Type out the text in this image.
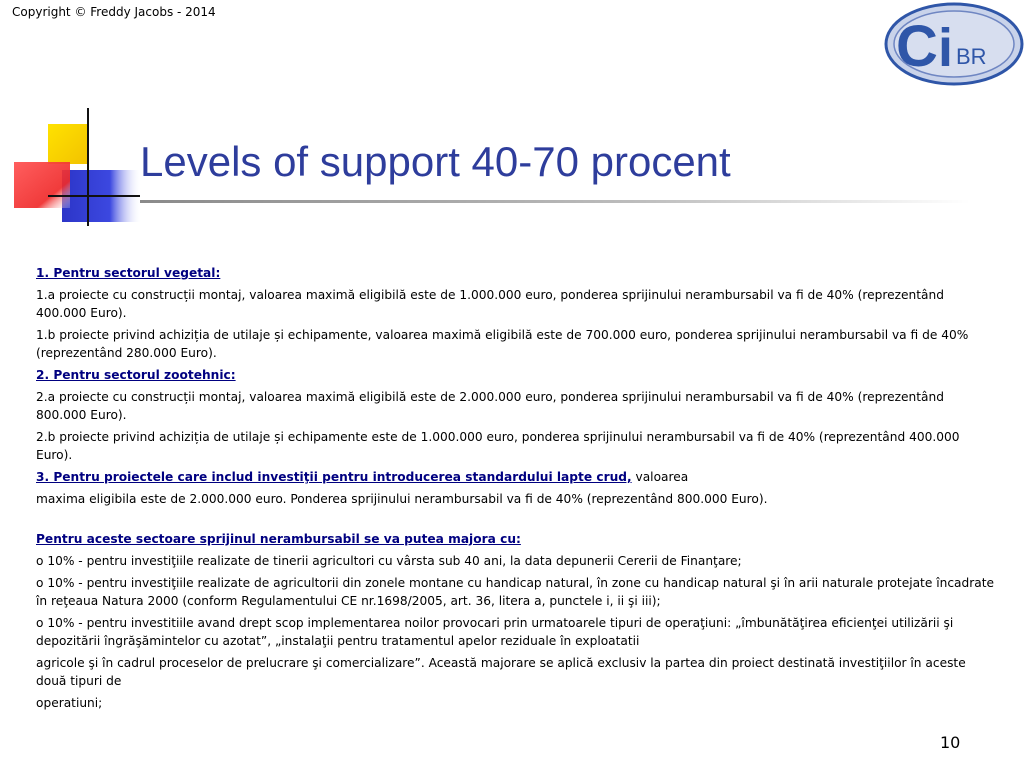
Copyright © Freddy Jacobs - 2014
C i BR
Levels of support 40-70 procent

1. Pentru sectorul vegetal:

1.a proiecte cu construcții montaj, valoarea maximă eligibilă este de 1.000.000 euro, ponderea sprijinului nerambursabil va fi de 40% (reprezentând 400.000 Euro).

1.b proiecte privind achiziția de utilaje și echipamente, valoarea maximă eligibilă este de 700.000 euro, ponderea sprijinului nerambursabil va fi de 40% (reprezentând 280.000 Euro).

2. Pentru sectorul zootehnic:

2.a proiecte cu construcții montaj, valoarea maximă eligibilă este de 2.000.000 euro, ponderea sprijinului nerambursabil va fi de 40% (reprezentând 800.000 Euro).

2.b proiecte privind achiziția de utilaje și echipamente este de 1.000.000 euro, ponderea sprijinului nerambursabil va fi de 40% (reprezentând 400.000 Euro).

3. Pentru proiectele care includ investiţii pentru introducerea standardului lapte crud, valoarea

maxima eligibila este de 2.000.000 euro. Ponderea sprijinului nerambursabil va fi de 40% (reprezentând 800.000 Euro).

Pentru aceste sectoare sprijinul nerambursabil se va putea majora cu:

o 10% - pentru investiţiile realizate de tinerii agricultori cu vârsta sub 40 ani, la data depunerii Cererii de Finanţare;

o 10% - pentru investiţiile realizate de agricultorii din zonele montane cu handicap natural, în zone cu handicap natural şi în arii naturale protejate încadrate în reţeaua Natura 2000 (conform Regulamentului CE nr.1698/2005, art. 36, litera a, punctele i, ii şi iii);

o 10% - pentru investitiile avand drept scop implementarea noilor provocari prin urmatoarele tipuri de operaţiuni: „îmbunătăţirea eficienţei utilizării şi depozitării îngrăşămintelor cu azotat”, „instalaţii pentru tratamentul apelor reziduale în exploatatii

agricole şi în cadrul proceselor de prelucrare şi comercializare”. Această majorare se aplică exclusiv la partea din proiect destinată investiţiilor în aceste două tipuri de

operatiuni;

10
